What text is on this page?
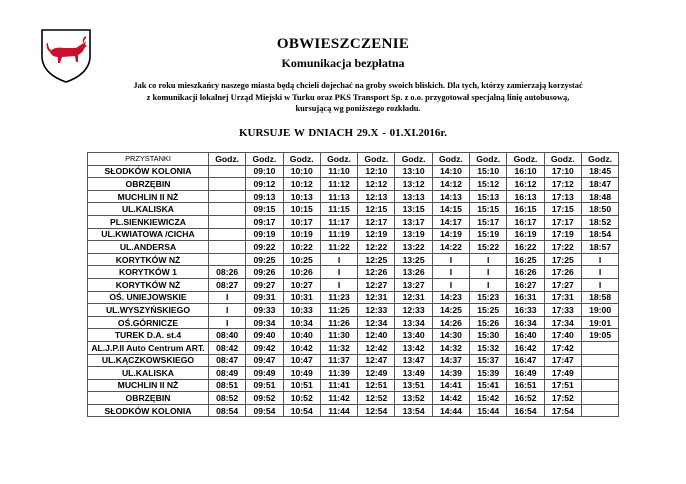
OBWIESZCZENIE
Komunikacja bezpłatna
Jak co roku mieszkańcy naszego miasta będą chcieli dojechać na groby swoich bliskich. Dla tych, którzy zamierzają korzystać
z komunikacji lokalnej Urząd Miejski w Turku oraz PKS Transport Sp. z o.o. przygotował specjalną linię autobusową,
kursującą wg poniższego rozkładu.
KURSUJE W DNIACH 29.X - 01.XI.2016r.
PRZYSTANKI	Godz.	Godz.	Godz.	Godz.	Godz.	Godz.	Godz.	Godz.	Godz.	Godz.	Godz.
SŁODKÓW KOLONIA		09:10	10:10	11:10	12:10	13:10	14:10	15:10	16:10	17:10	18:45
OBRZĘBIN		09:12	10:12	11:12	12:12	13:12	14:12	15:12	16:12	17:12	18:47
MUCHLIN II NŻ		09:13	10:13	11:13	12:13	13:13	14:13	15:13	16:13	17:13	18:48
UL.KALISKA		09:15	10:15	11:15	12:15	13:15	14:15	15:15	16:15	17:15	18:50
PL.SIENKIEWICZA		09:17	10:17	11:17	12:17	13:17	14:17	15:17	16:17	17:17	18:52
UL.KWIATOWA /CICHA		09:19	10:19	11:19	12:19	13:19	14:19	15:19	16:19	17:19	18:54
UL.ANDERSA		09:22	10:22	11:22	12:22	13:22	14:22	15:22	16:22	17:22	18:57
KORYTKÓW NŻ		09:25	10:25	I	12:25	13:25	I	I	16:25	17:25	I
KORYTKÓW 1	08:26	09:26	10:26	I	12:26	13:26	I	I	16:26	17:26	I
KORYTKÓW NŻ	08:27	09:27	10:27	I	12:27	13:27	I	I	16:27	17:27	I
OŚ. UNIEJOWSKIE	I	09:31	10:31	11:23	12:31	12:31	14:23	15:23	16:31	17:31	18:58
UL.WYSZYŃSKIEGO	I	09:33	10:33	11:25	12:33	12:33	14:25	15:25	16:33	17:33	19:00
OŚ.GÓRNICZE	I	09:34	10:34	11:26	12:34	13:34	14:26	15:26	16:34	17:34	19:01
TUREK D.A. st.4	08:40	09:40	10:40	11:30	12:40	13:40	14:30	15:30	16:40	17:40	19:05
AL.J.P.II Auto Centrum ART.	08:42	09:42	10:42	11:32	12:42	13:42	14:32	15:32	16:42	17:42	
UL.KĄCZKOWSKIEGO	08:47	09:47	10:47	11:37	12:47	13:47	14:37	15:37	16:47	17:47	
UL.KALISKA	08:49	09:49	10:49	11:39	12:49	13:49	14:39	15:39	16:49	17:49	
MUCHLIN II NŻ	08:51	09:51	10:51	11:41	12:51	13:51	14:41	15:41	16:51	17:51	
OBRZĘBIN	08:52	09:52	10:52	11:42	12:52	13:52	14:42	15:42	16:52	17:52	
SŁODKÓW KOLONIA	08:54	09:54	10:54	11:44	12:54	13:54	14:44	15:44	16:54	17:54	
